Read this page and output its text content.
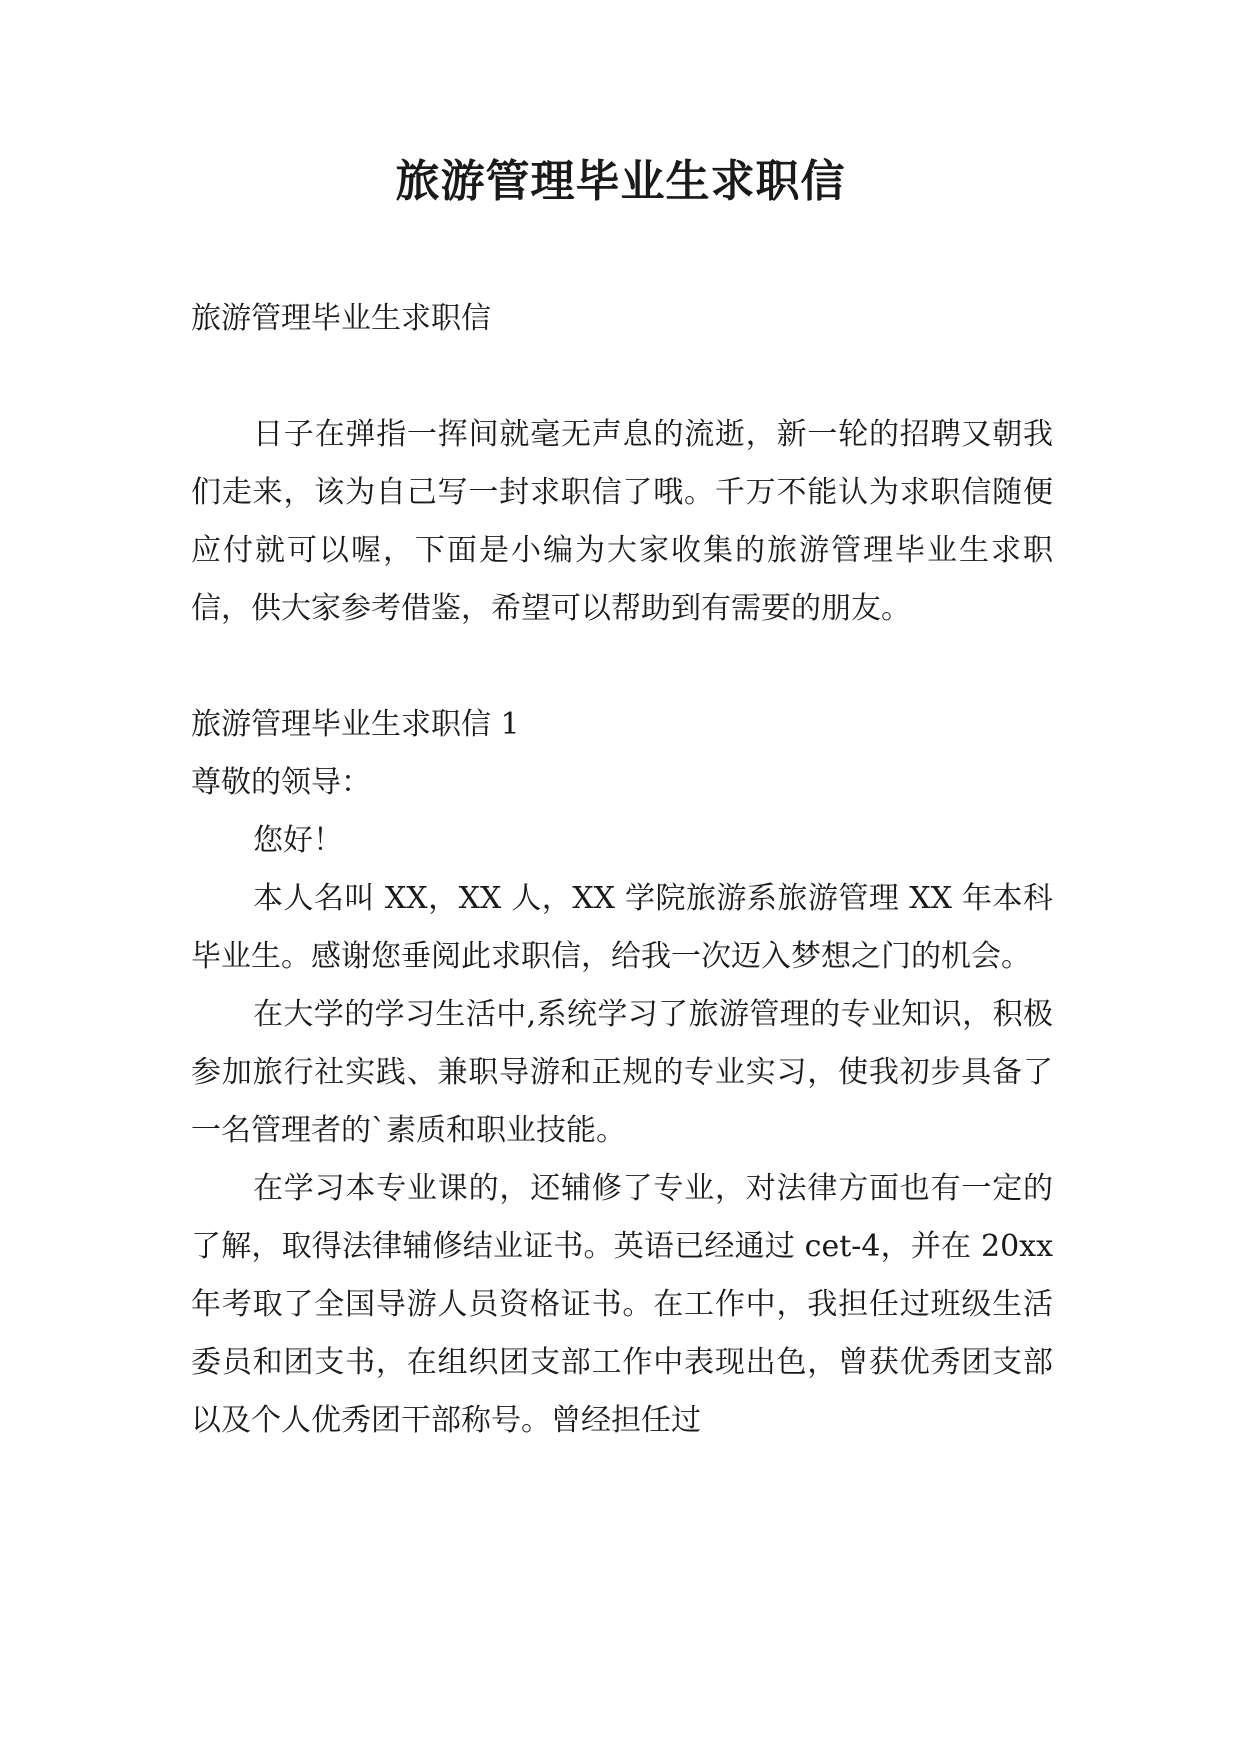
旅游管理毕业生求职信

旅游管理毕业生求职信

日子在弹指一挥间就毫无声息的流逝，新一轮的招聘又朝我们走来，该为自己写一封求职信了哦。千万不能认为求职信随便应付就可以喔，下面是小编为大家收集的旅游管理毕业生求职信，供大家参考借鉴，希望可以帮助到有需要的朋友。

旅游管理毕业生求职信 1

尊敬的领导：

您好！

本人名叫 XX，XX 人，XX 学院旅游系旅游管理 XX 年本科毕业生。感谢您垂阅此求职信，给我一次迈入梦想之门的机会。

在大学的学习生活中,系统学习了旅游管理的专业知识，积极参加旅行社实践、兼职导游和正规的专业实习，使我初步具备了一名管理者的`素质和职业技能。

在学习本专业课的，还辅修了专业，对法律方面也有一定的了解，取得法律辅修结业证书。英语已经通过 cet-4，并在 20xx 年考取了全国导游人员资格证书。在工作中，我担任过班级生活委员和团支书，在组织团支部工作中表现出色，曾获优秀团支部以及个人优秀团干部称号。曾经担任过
